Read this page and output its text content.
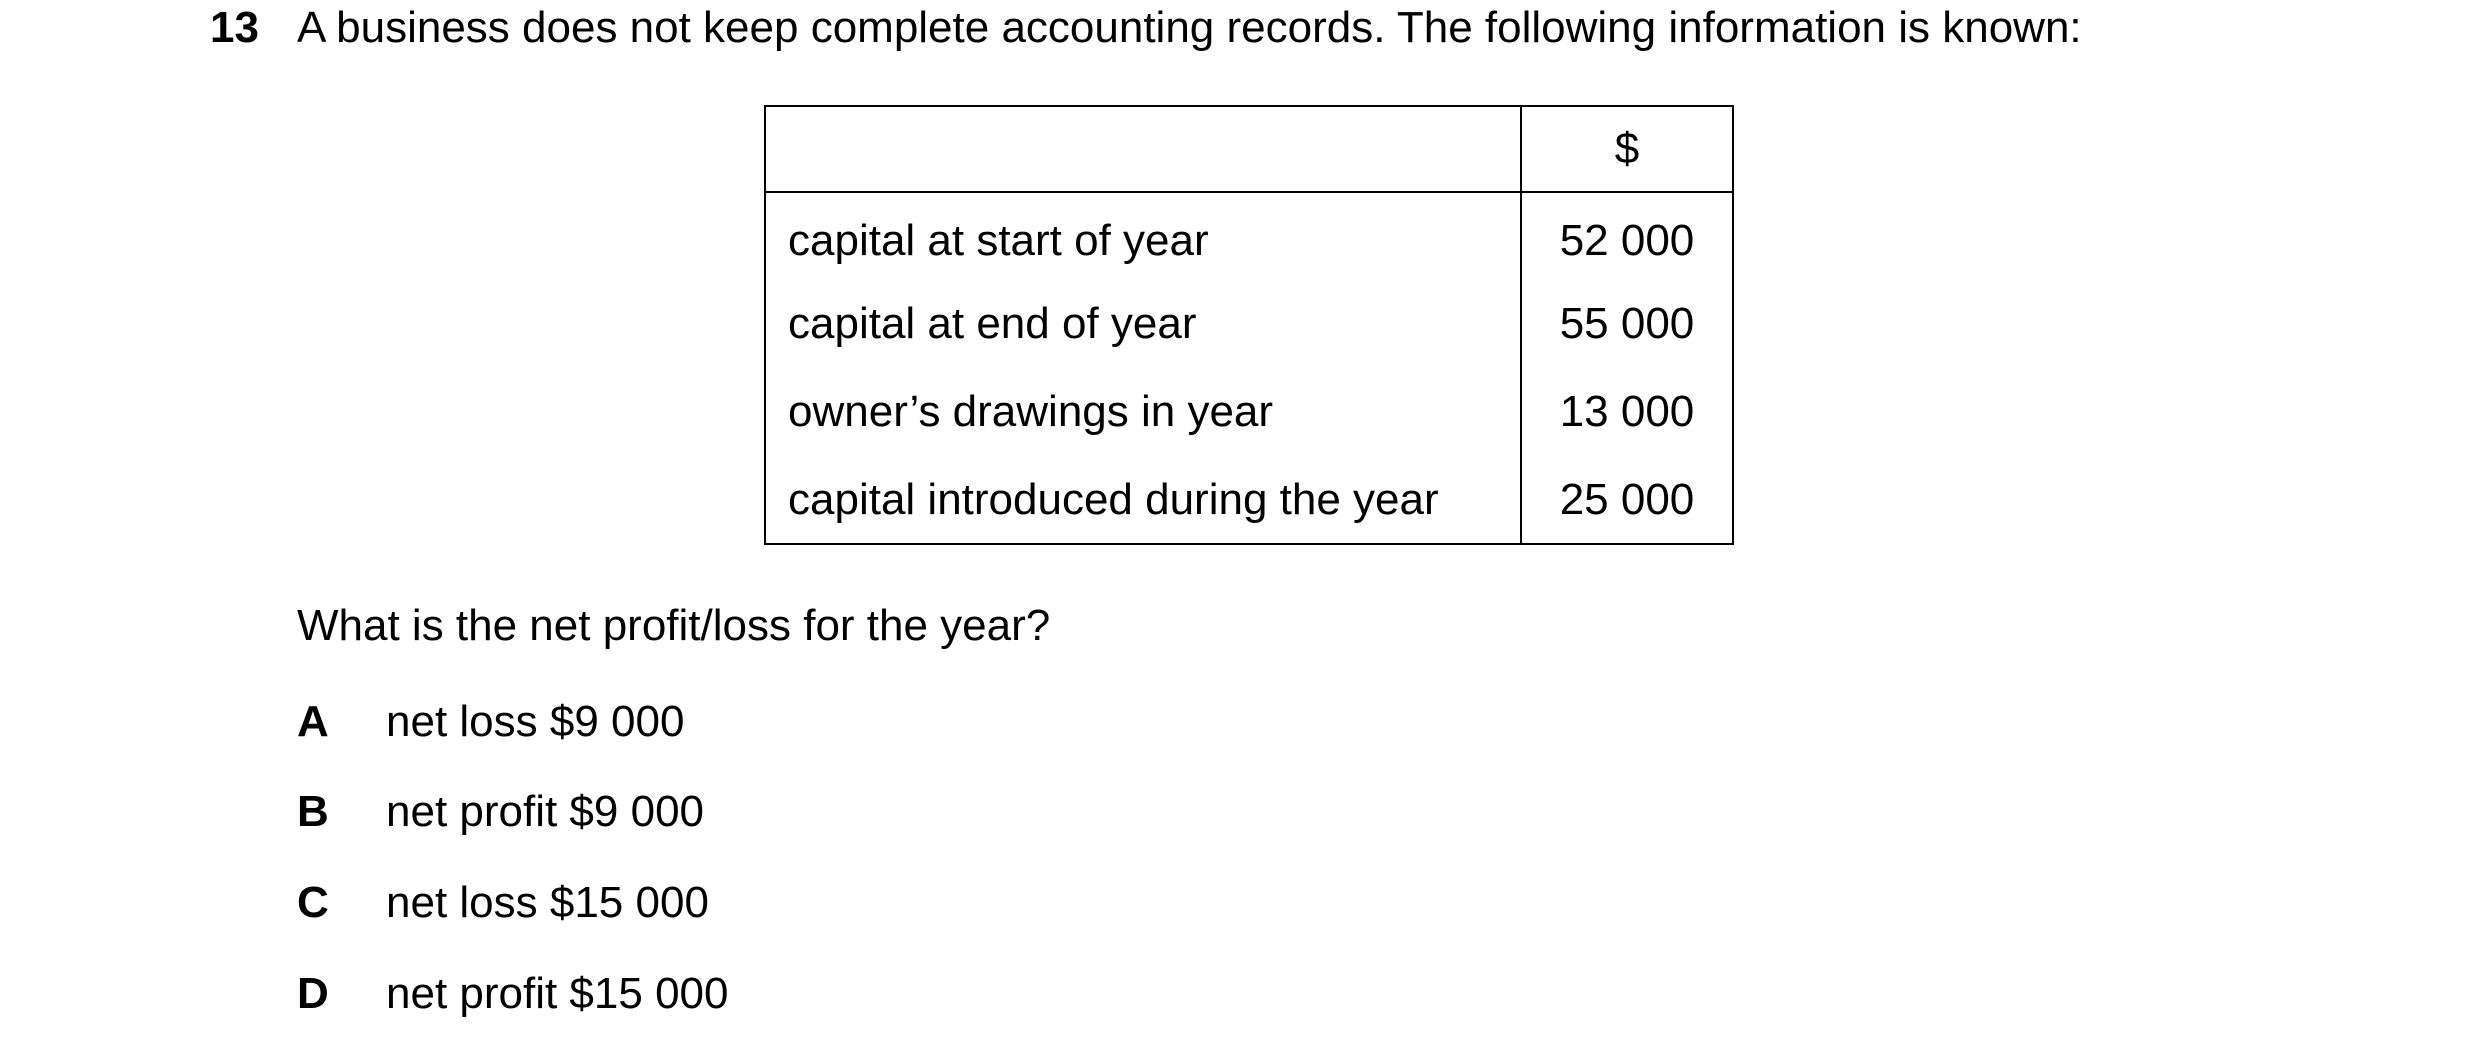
13 A business does not keep complete accounting records. The following information is known:
	$
capital at start of year	52 000
capital at end of year	55 000
owner’s drawings in year	13 000
capital introduced during the year	25 000
What is the net profit/loss for the year?
A net loss $9 000
B net profit $9 000
C net loss $15 000
D net profit $15 000
